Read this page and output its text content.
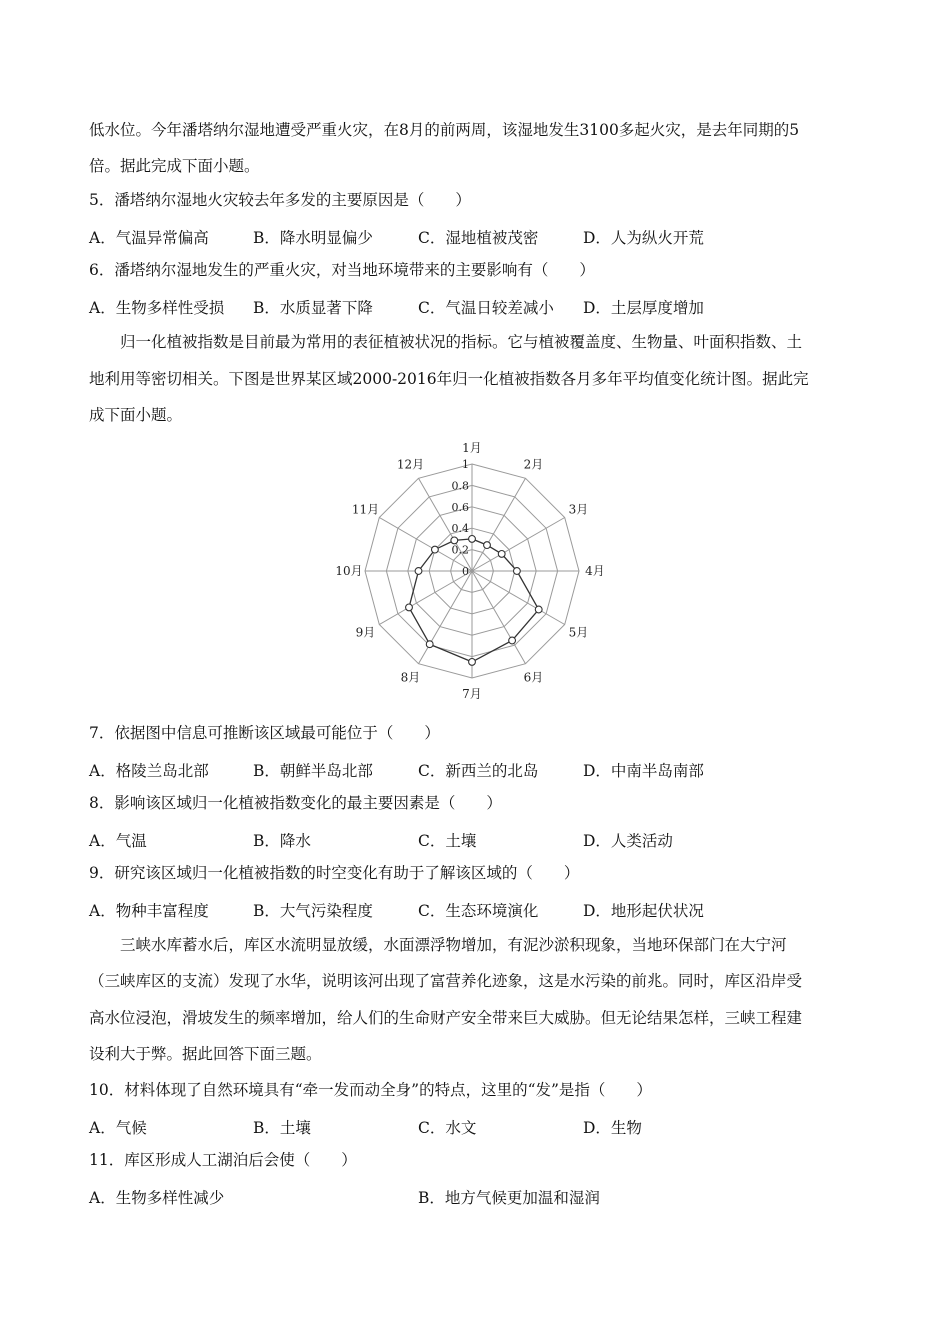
低水位。今年潘塔纳尔湿地遭受严重火灾，在8月的前两周，该湿地发生3100多起火灾，是去年同期的5
倍。据此完成下面小题。
5．潘塔纳尔湿地火灾较去年多发的主要原因是（　　）
A．气温异常偏高	B．降水明显偏少	C．湿地植被茂密	D．人为纵火开荒
6．潘塔纳尔湿地发生的严重火灾，对当地环境带来的主要影响有（　　）
A．生物多样性受损 B．水质显著下降	C．气温日较差减小 D．土层厚度增加
归一化植被指数是目前最为常用的表征植被状况的指标。它与植被覆盖度、生物量、叶面积指数、土
地利用等密切相关。下图是世界某区域2000-2016年归一化植被指数各月多年平均值变化统计图。据此完
成下面小题。
0
0.2
0.4
0.6
0.8
1
1月
2月
3月
4月
5月
6月
7月
8月
9月
10月
11月
12月
7．依据图中信息可推断该区域最可能位于（　　）
A．格陵兰岛北部	B．朝鲜半岛北部	C．新西兰的北岛	D．中南半岛南部
8．影响该区域归一化植被指数变化的最主要因素是（　　）
A．气温	B．降水	C．土壤	D．人类活动
9．研究该区域归一化植被指数的时空变化有助于了解该区域的（　　）
A．物种丰富程度	B．大气污染程度	C．生态环境演化	D．地形起伏状况
三峡水库蓄水后，库区水流明显放缓，水面漂浮物增加，有泥沙淤积现象，当地环保部门在大宁河
（三峡库区的支流）发现了水华，说明该河出现了富营养化迹象，这是水污染的前兆。同时，库区沿岸受
高水位浸泡，滑坡发生的频率增加，给人们的生命财产安全带来巨大威胁。但无论结果怎样，三峡工程建
设利大于弊。据此回答下面三题。
10．材料体现了自然环境具有“牵一发而动全身”的特点，这里的“发”是指（　　）
A．气候	B．土壤	C．水文	D．生物
11．库区形成人工湖泊后会使（　　）
A．生物多样性减少	B．地方气候更加温和湿润
